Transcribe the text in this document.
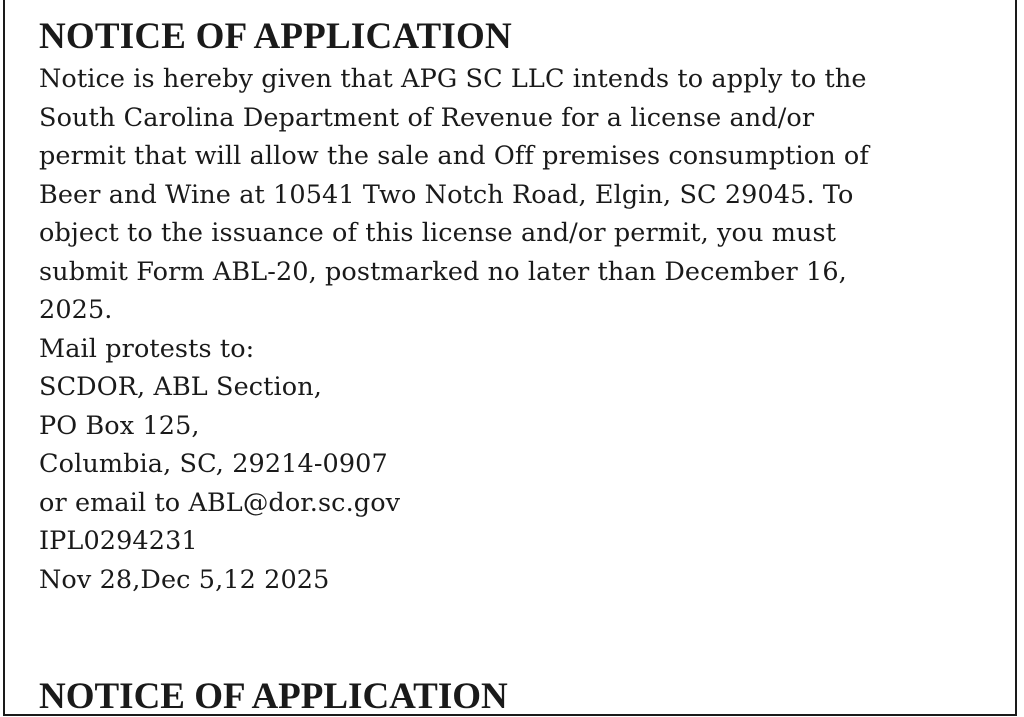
NOTICE OF APPLICATION

Notice is hereby given that APG SC LLC intends to apply to the

South Carolina Department of Revenue for a license and/or

permit that will allow the sale and Off premises consumption of

Beer and Wine at 10541 Two Notch Road, Elgin, SC 29045. To

object to the issuance of this license and/or permit, you must

submit Form ABL-20, postmarked no later than December 16,

2025.

Mail protests to:

SCDOR, ABL Section,

PO Box 125,

Columbia, SC, 29214-0907

or email to ABL@dor.sc.gov

IPL0294231

Nov 28,Dec 5,12 2025

NOTICE OF APPLICATION
